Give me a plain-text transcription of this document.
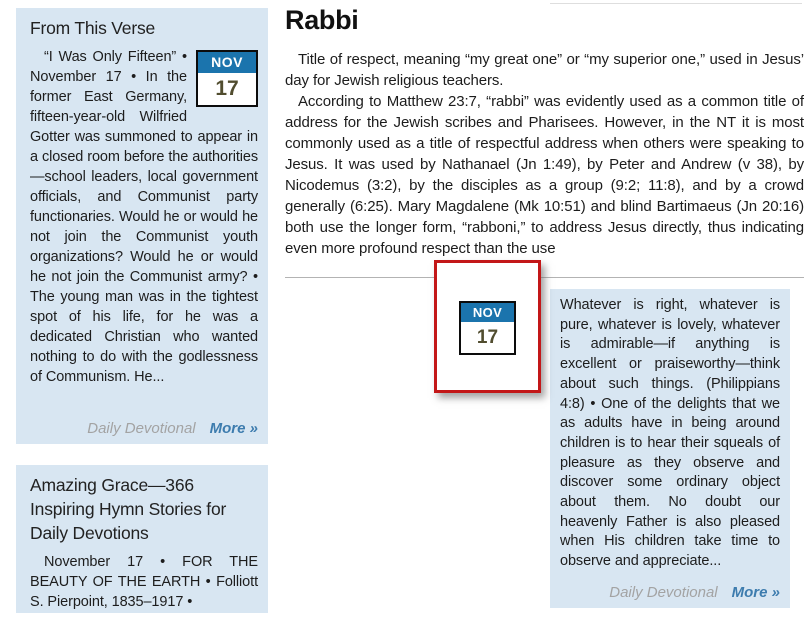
From This Verse
NOV
17

“I Was Only Fifteen” • November 17 • In the former East Germany, fifteen-year-old Wilfried Gotter was summoned to appear in a closed room before the authorities—school leaders, local government officials, and Communist party functionaries. Would he or would he not join the Communist youth organizations? Would he or would he not join the Communist army? • The young man was in the tightest spot of his life, for he was a dedicated Christian who wanted nothing to do with the godlessness of Communism. He...

Daily Devotional More »
Amazing Grace—366 Inspiring Hymn Stories for Daily Devotions

November 17 • FOR THE BEAUTY OF THE EARTH • Folliott S. Pierpoint, 1835–1917 •

Rabbi

Title of respect, meaning “my great one” or “my superior one,” used in Jesus’ day for Jewish religious teachers.

According to Matthew 23:7, “rabbi” was evidently used as a common title of address for the Jewish scribes and Pharisees. However, in the NT it is most commonly used as a title of respectful address when others were speaking to Jesus. It was used by Nathanael (Jn 1:49), by Peter and Andrew (v 38), by Nicodemus (3:2), by the disciples as a group (9:2; 11:8), and by a crowd generally (6:25). Mary Magdalene (Mk 10:51) and blind Bartimaeus (Jn 20:16) both use the longer form, “rabboni,” to address Jesus directly, thus indicating even more profound respect than the use

NOV
17

Whatever is right, whatever is pure, whatever is lovely, whatever is admirable—if anything is excellent or praiseworthy—think about such things. (Philippians 4:8) • One of the delights that we as adults have in being around children is to hear their squeals of pleasure as they observe and discover some ordinary object about them. No doubt our heavenly Father is also pleased when His children take time to observe and appreciate...

Daily Devotional More »
